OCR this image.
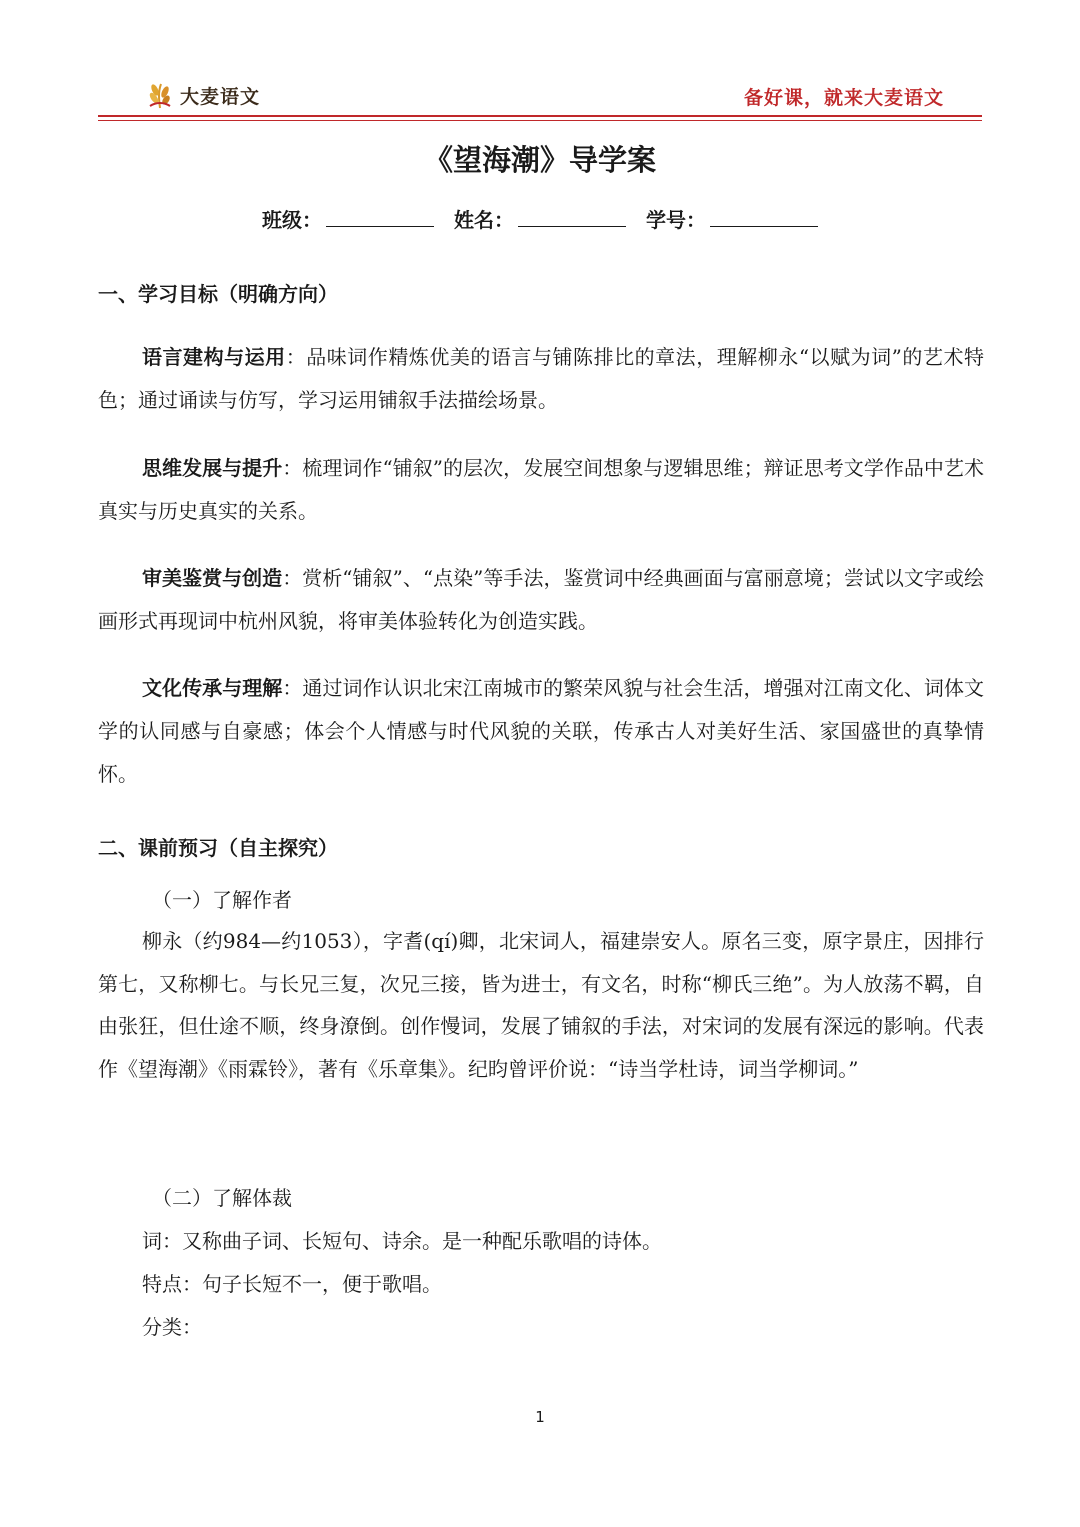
大麦语文	备好课，就来大麦语文
《望海潮》导学案
班级：	姓名：	学号：
一、学习目标（明确方向）
语言建构与运用：品味词作精炼优美的语言与铺陈排比的章法，理解柳永“以赋为词”的艺术特色；通过诵读与仿写，学习运用铺叙手法描绘场景。
思维发展与提升：梳理词作“铺叙”的层次，发展空间想象与逻辑思维；辩证思考文学作品中艺术真实与历史真实的关系。
审美鉴赏与创造：赏析“铺叙”、“点染”等手法，鉴赏词中经典画面与富丽意境；尝试以文字或绘画形式再现词中杭州风貌，将审美体验转化为创造实践。
文化传承与理解：通过词作认识北宋江南城市的繁荣风貌与社会生活，增强对江南文化、词体文学的认同感与自豪感；体会个人情感与时代风貌的关联，传承古人对美好生活、家国盛世的真挚情怀。
二、课前预习（自主探究）
（一）了解作者
柳永（约984—约1053），字耆(qí)卿，北宋词人，福建崇安人。原名三变，原字景庄，因排行第七，又称柳七。与长兄三复，次兄三接，皆为进士，有文名，时称“柳氏三绝”。为人放荡不羁，自由张狂，但仕途不顺，终身潦倒。创作慢词，发展了铺叙的手法，对宋词的发展有深远的影响。代表作《望海潮》《雨霖铃》，著有《乐章集》。纪昀曾评价说：“诗当学杜诗，词当学柳词。”
（二）了解体裁
词：又称曲子词、长短句、诗余。是一种配乐歌唱的诗体。
特点：句子长短不一，便于歌唱。
分类：
1
